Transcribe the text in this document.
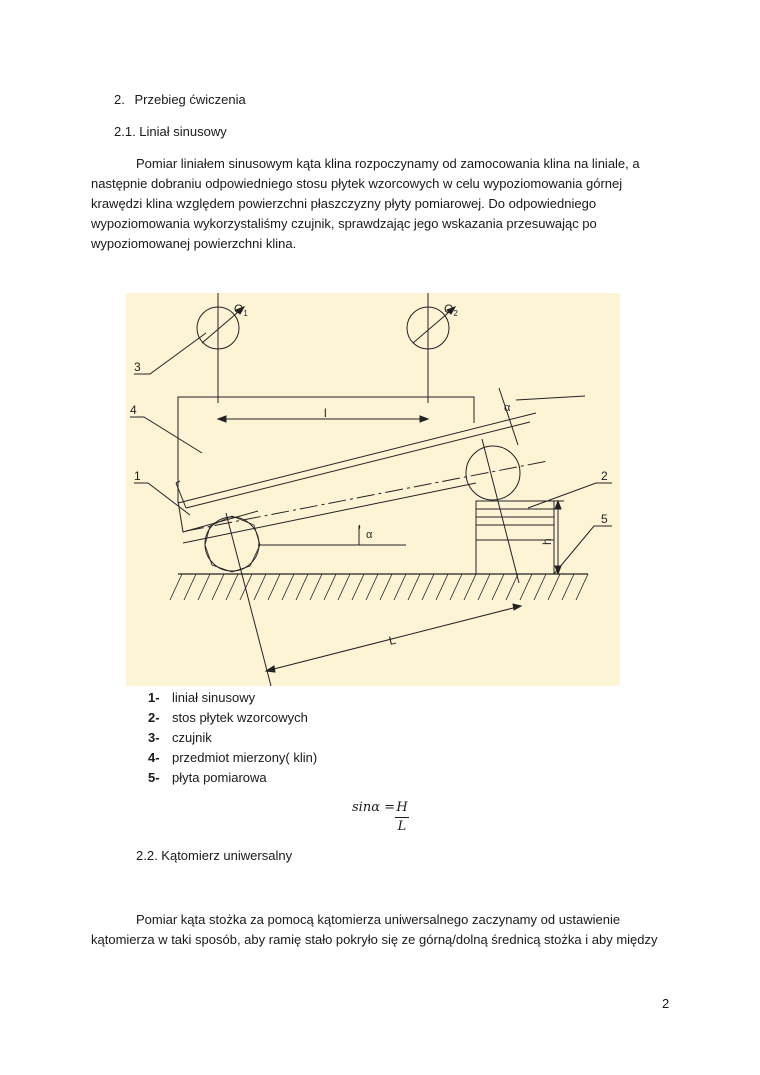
2. Przebieg ćwiczenia
2.1. Liniał sinusowy
Pomiar liniałem sinusowym kąta klina rozpoczynamy od zamocowania klina na liniale, a
następnie dobraniu odpowiedniego stosu płytek wzorcowych w celu wypoziomowania górnej
krawędzi klina względem powierzchni płaszczyzny płyty pomiarowej. Do odpowiedniego
wypoziomowania wykorzystaliśmy czujnik, sprawdzając jego wskazania przesuwając po
wypoziomowanej powierzchni klina.
$O_1$	$O_2$
l
L
h
α
α
3
4
1	2
5
1- liniał sinusowy
2- stos płytek wzorcowych
3- czujnik
4- przedmiot mierzony( klin)
5- płyta pomiarowa
sinα = H
L
2.2. Kątomierz uniwersalny
Pomiar kąta stożka za pomocą kątomierza uniwersalnego zaczynamy od ustawienie
kątomierza w taki sposób, aby ramię stało pokryło się ze górną/dolną średnicą stożka i aby między
2
